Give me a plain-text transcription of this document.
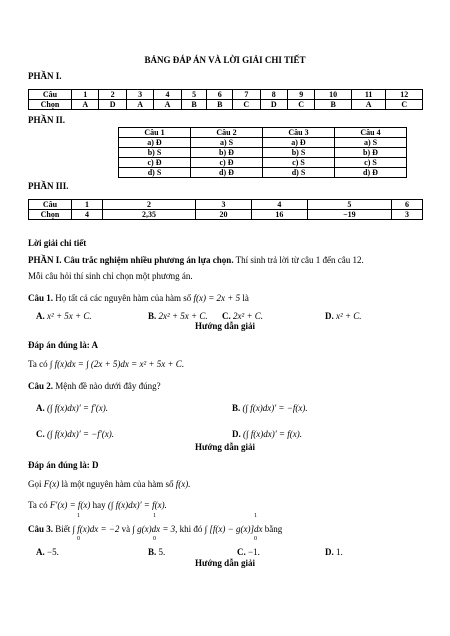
BẢNG ĐÁP ÁN VÀ LỜI GIẢI CHI TIẾT
PHẦN I.
Câu	1	2	3	4	5	6	7	8	9	10	11	12
Chọn	A	D	A	A	B	B	C	D	C	B	A	C
PHẦN II.
Câu 1	Câu 2	Câu 3	Câu 4
a) Đ	a) S	a) Đ	a) S
b) S	b) Đ	b) S	b) Đ
c) Đ	c) Đ	c) S	c) S
d) S	d) Đ	d) S	d) Đ
PHẦN III.
Câu	1	2	3	4	5	6
Chọn	4	2,35	20	16	−19	3
Lời giải chi tiết
PHẦN I. Câu trắc nghiệm nhiều phương án lựa chọn. Thí sinh trả lời từ câu 1 đến câu 12.
Mỗi câu hỏi thí sinh chỉ chọn một phương án.
Câu 1. Họ tất cả các nguyên hàm của hàm số f(x) = 2x + 5 là
A. x² + 5x + C.	B. 2x² + 5x + C. C. 2x² + C.	D. x² + C.
Hướng dẫn giải
Đáp án đúng là: A
Ta có ∫ f(x)dx = ∫ (2x + 5)dx = x² + 5x + C.
Câu 2. Mệnh đề nào dưới đây đúng?
A. (∫ f(x)dx)′ = f′(x).	B. (∫ f(x)dx)′ = −f(x).
C. (∫ f(x)dx)′ = −f′(x).	D. (∫ f(x)dx)′ = f(x).
Hướng dẫn giải
Đáp án đúng là: D
Gọi F(x) là một nguyên hàm của hàm số f(x).
Ta có F′(x) = f(x) hay (∫ f(x)dx)′ = f(x).
Câu 3. Biết ∫ f(x)dx = −2 và ∫ g(x)dx = 3, khi đó ∫ [f(x) − g(x)]dx bằng
1
0
1
0
1
0
A. −5.	B. 5.	C. −1.	D. 1.
Hướng dẫn giải
